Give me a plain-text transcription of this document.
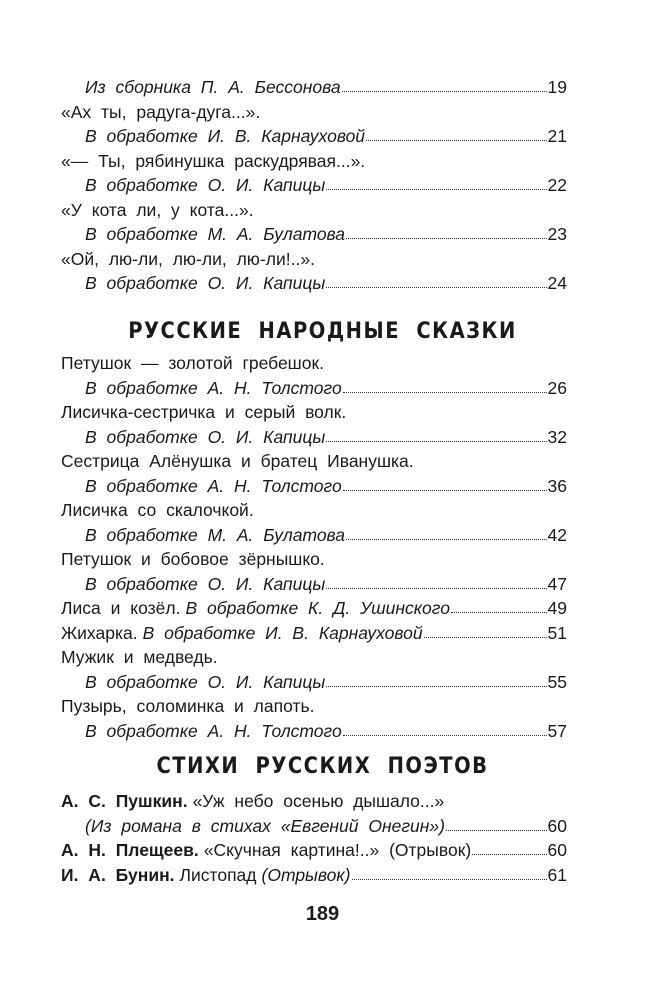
Из сборника П. А. Бессонова	19
«Ах ты, радуга-дуга...».
В обработке И. В. Карнауховой	21
«— Ты, рябинушка раскудрявая...».
В обработке О. И. Капицы	22
«У кота ли, у кота...».
В обработке М. А. Булатова	23
«Ой, лю-ли, лю-ли, лю-ли!..».
В обработке О. И. Капицы	24
РУССКИЕ НАРОДНЫЕ СКАЗКИ
Петушок — золотой гребешок.
В обработке А. Н. Толстого	26
Лисичка-сестричка и серый волк.
В обработке О. И. Капицы	32
Сестрица Алёнушка и братец Иванушка.
В обработке А. Н. Толстого	36
Лисичка со скалочкой.
В обработке М. А. Булатова	42
Петушок и бобовое зёрнышко.
В обработке О. И. Капицы	47
Лиса и козёл. В обработке К. Д. Ушинского	49
Жихарка. В обработке И. В. Карнауховой	51
Мужик и медведь.
В обработке О. И. Капицы	55
Пузырь, соломинка и лапоть.
В обработке А. Н. Толстого	57
СТИХИ РУССКИХ ПОЭТОВ
А. С. Пушкин. «Уж небо осенью дышало...»
(Из романа в стихах «Евгений Онегин»)	60
А. Н. Плещеев. «Скучная картина!..» (Отрывок)	60
И. А. Бунин. Листопад (Отрывок)	61
189
